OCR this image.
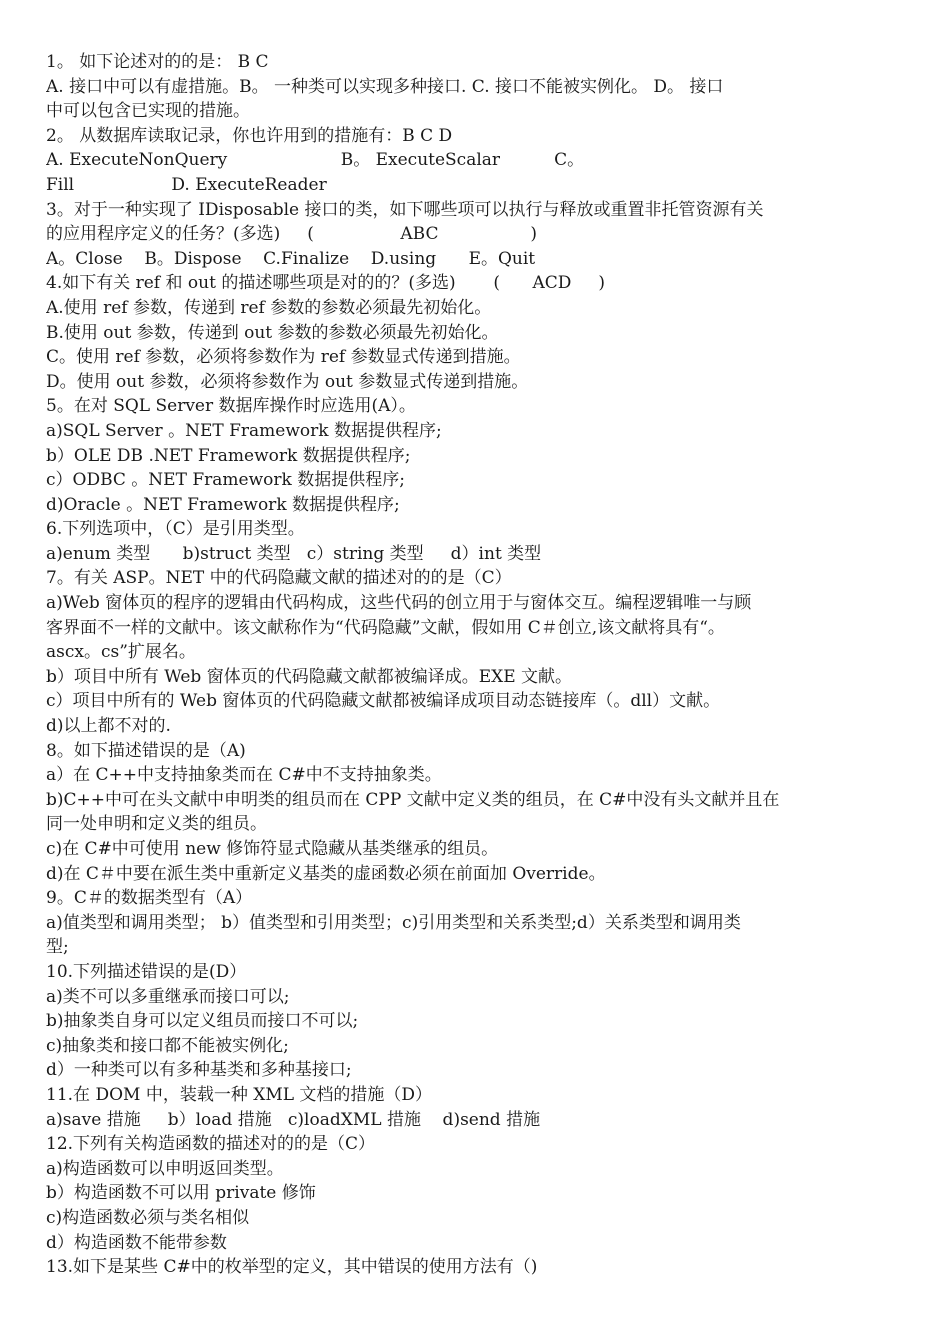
1。 如下论述对的的是： B C
A. 接口中可以有虚措施。B。 一种类可以实现多种接口. C. 接口不能被实例化。 D。 接口
中可以包含已实现的措施。
2。 从数据库读取记录，你也许用到的措施有：B C D
A. ExecuteNonQuery                     B。 ExecuteScalar          C。
Fill                  D. ExecuteReader
3。对于一种实现了 IDisposable 接口的类，如下哪些项可以执行与释放或重置非托管资源有关
的应用程序定义的任务？(多选)     (                ABC                 )
A。Close    B。Dispose    C.Finalize    D.using      E。Quit
4.如下有关 ref 和 out 的描述哪些项是对的的？(多选)       (      ACD     )
A.使用 ref 参数，传递到 ref 参数的参数必须最先初始化。
B.使用 out 参数，传递到 out 参数的参数必须最先初始化。
C。使用 ref 参数，必须将参数作为 ref 参数显式传递到措施。
D。使用 out 参数，必须将参数作为 out 参数显式传递到措施。
5。在对 SQL Server 数据库操作时应选用(A）。
a)SQL Server 。NET Framework 数据提供程序;
b）OLE DB .NET Framework 数据提供程序;
c）ODBC 。NET Framework 数据提供程序;
d)Oracle 。NET Framework 数据提供程序;
6.下列选项中，（C）是引用类型。
a)enum 类型      b)struct 类型   c）string 类型     d）int 类型
7。有关 ASP。NET 中的代码隐藏文献的描述对的的是（C）
a)Web 窗体页的程序的逻辑由代码构成，这些代码的创立用于与窗体交互。编程逻辑唯一与顾
客界面不一样的文献中。该文献称作为“代码隐藏”文献，假如用 C＃创立,该文献将具有“。
ascx。cs”扩展名。
b）项目中所有 Web 窗体页的代码隐藏文献都被编译成。EXE 文献。
c）项目中所有的 Web 窗体页的代码隐藏文献都被编译成项目动态链接库（。dll）文献。
d)以上都不对的.
8。如下描述错误的是（A)
a）在 C++中支持抽象类而在 C#中不支持抽象类。
b)C++中可在头文献中申明类的组员而在 CPP 文献中定义类的组员，在 C#中没有头文献并且在
同一处申明和定义类的组员。
c)在 C#中可使用 new 修饰符显式隐藏从基类继承的组员。
d)在 C＃中要在派生类中重新定义基类的虚函数必须在前面加 Override。
9。C＃的数据类型有（A）
a)值类型和调用类型； b）值类型和引用类型；c)引用类型和关系类型;d）关系类型和调用类
型;
10.下列描述错误的是(D）
a)类不可以多重继承而接口可以;
b)抽象类自身可以定义组员而接口不可以;
c)抽象类和接口都不能被实例化;
d）一种类可以有多种基类和多种基接口;
11.在 DOM 中，装载一种 XML 文档的措施（D）
a)save 措施     b）load 措施   c)loadXML 措施    d)send 措施
12.下列有关构造函数的描述对的的是（C）
a)构造函数可以申明返回类型。
b）构造函数不可以用 private 修饰
c)构造函数必须与类名相似
d）构造函数不能带参数
13.如下是某些 C#中的枚举型的定义，其中错误的使用方法有（)
